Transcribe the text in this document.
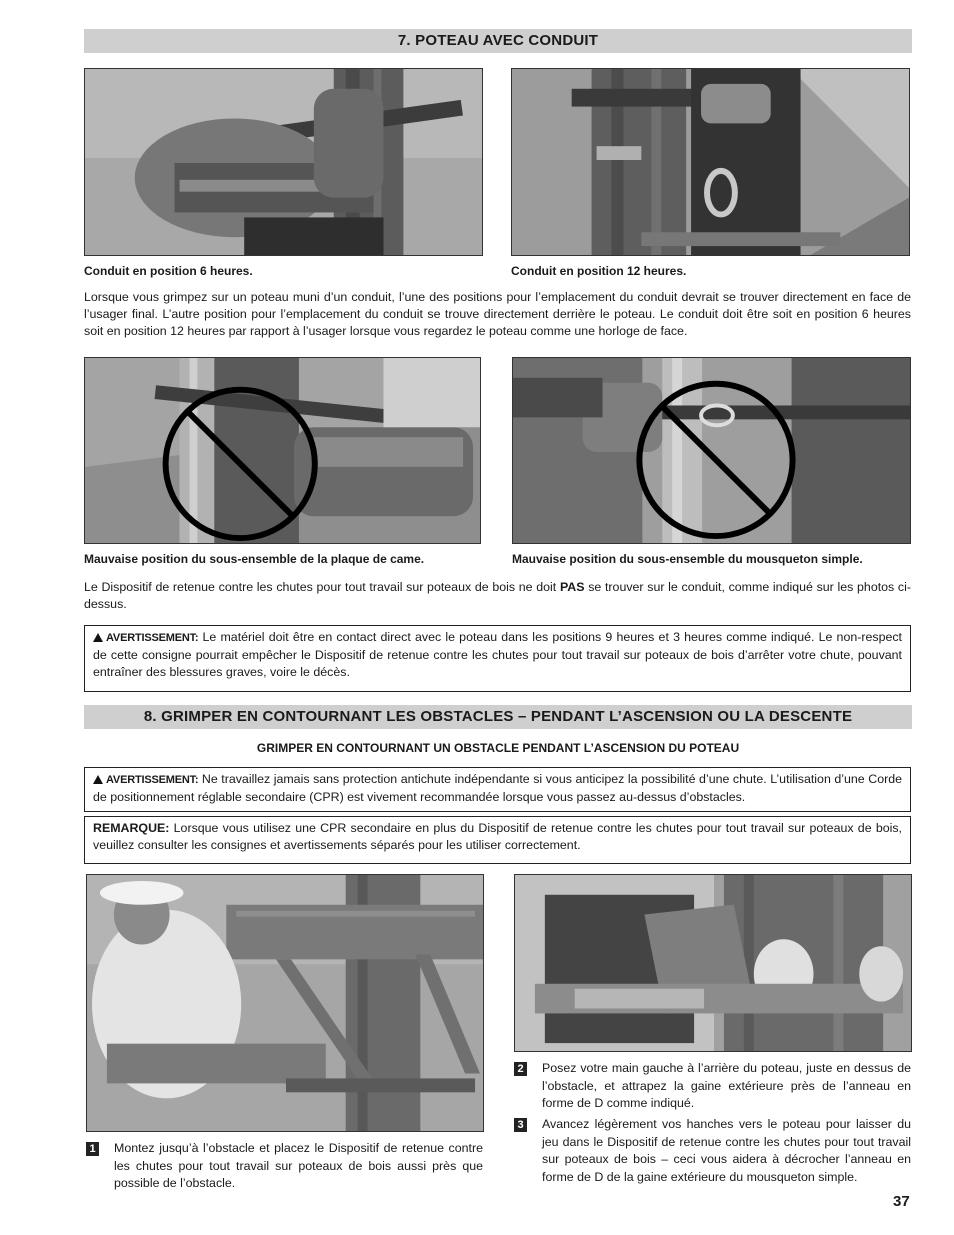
7. POTEAU AVEC CONDUIT
Conduit en position 6 heures.	Conduit en position 12 heures.
Lorsque vous grimpez sur un poteau muni d’un conduit, l’une des positions pour l’emplacement du conduit devrait se trouver directement en face de l’usager final. L’autre position pour l’emplacement du conduit se trouve directement derrière le poteau. Le conduit doit être soit en position 6 heures soit en position 12 heures par rapport à l’usager lorsque vous regardez le poteau comme une horloge de face.
Mauvaise position du sous-ensemble de la plaque de came.	Mauvaise position du sous-ensemble du mousqueton simple.
Le Dispositif de retenue contre les chutes pour tout travail sur poteaux de bois ne doit PAS se trouver sur le conduit, comme indiqué sur les photos ci-dessus.
AVERTISSEMENT: Le matériel doit être en contact direct avec le poteau dans les positions 9 heures et 3 heures comme indiqué. Le non-respect de cette consigne pourrait empêcher le Dispositif de retenue contre les chutes pour tout travail sur poteaux de bois d’arrêter votre chute, pouvant entraîner des blessures graves, voire le décès.
8. GRIMPER EN CONTOURNANT LES OBSTACLES – PENDANT L’ASCENSION OU LA DESCENTE
GRIMPER EN CONTOURNANT UN OBSTACLE PENDANT L’ASCENSION DU POTEAU
AVERTISSEMENT: Ne travaillez jamais sans protection antichute indépendante si vous anticipez la possibilité d’une chute. L’utilisation d’une Corde de positionnement réglable secondaire (CPR) est vivement recommandée lorsque vous passez au-dessus d’obstacles.
REMARQUE: Lorsque vous utilisez une CPR secondaire en plus du Dispositif de retenue contre les chutes pour tout travail sur poteaux de bois, veuillez consulter les consignes et avertissements séparés pour les utiliser correctement.
1 Montez jusqu’à l’obstacle et placez le Dispositif de retenue contre les chutes pour tout travail sur poteaux de bois aussi près que possible de l’obstacle.
2 Posez votre main gauche à l’arrière du poteau, juste en dessus de l’obstacle, et attrapez la gaine extérieure près de l’anneau en forme de D comme indiqué.
3 Avancez légèrement vos hanches vers le poteau pour laisser du jeu dans le Dispositif de retenue contre les chutes pour tout travail sur poteaux de bois – ceci vous aidera à décrocher l’anneau en forme de D de la gaine extérieure du mousqueton simple.
37
